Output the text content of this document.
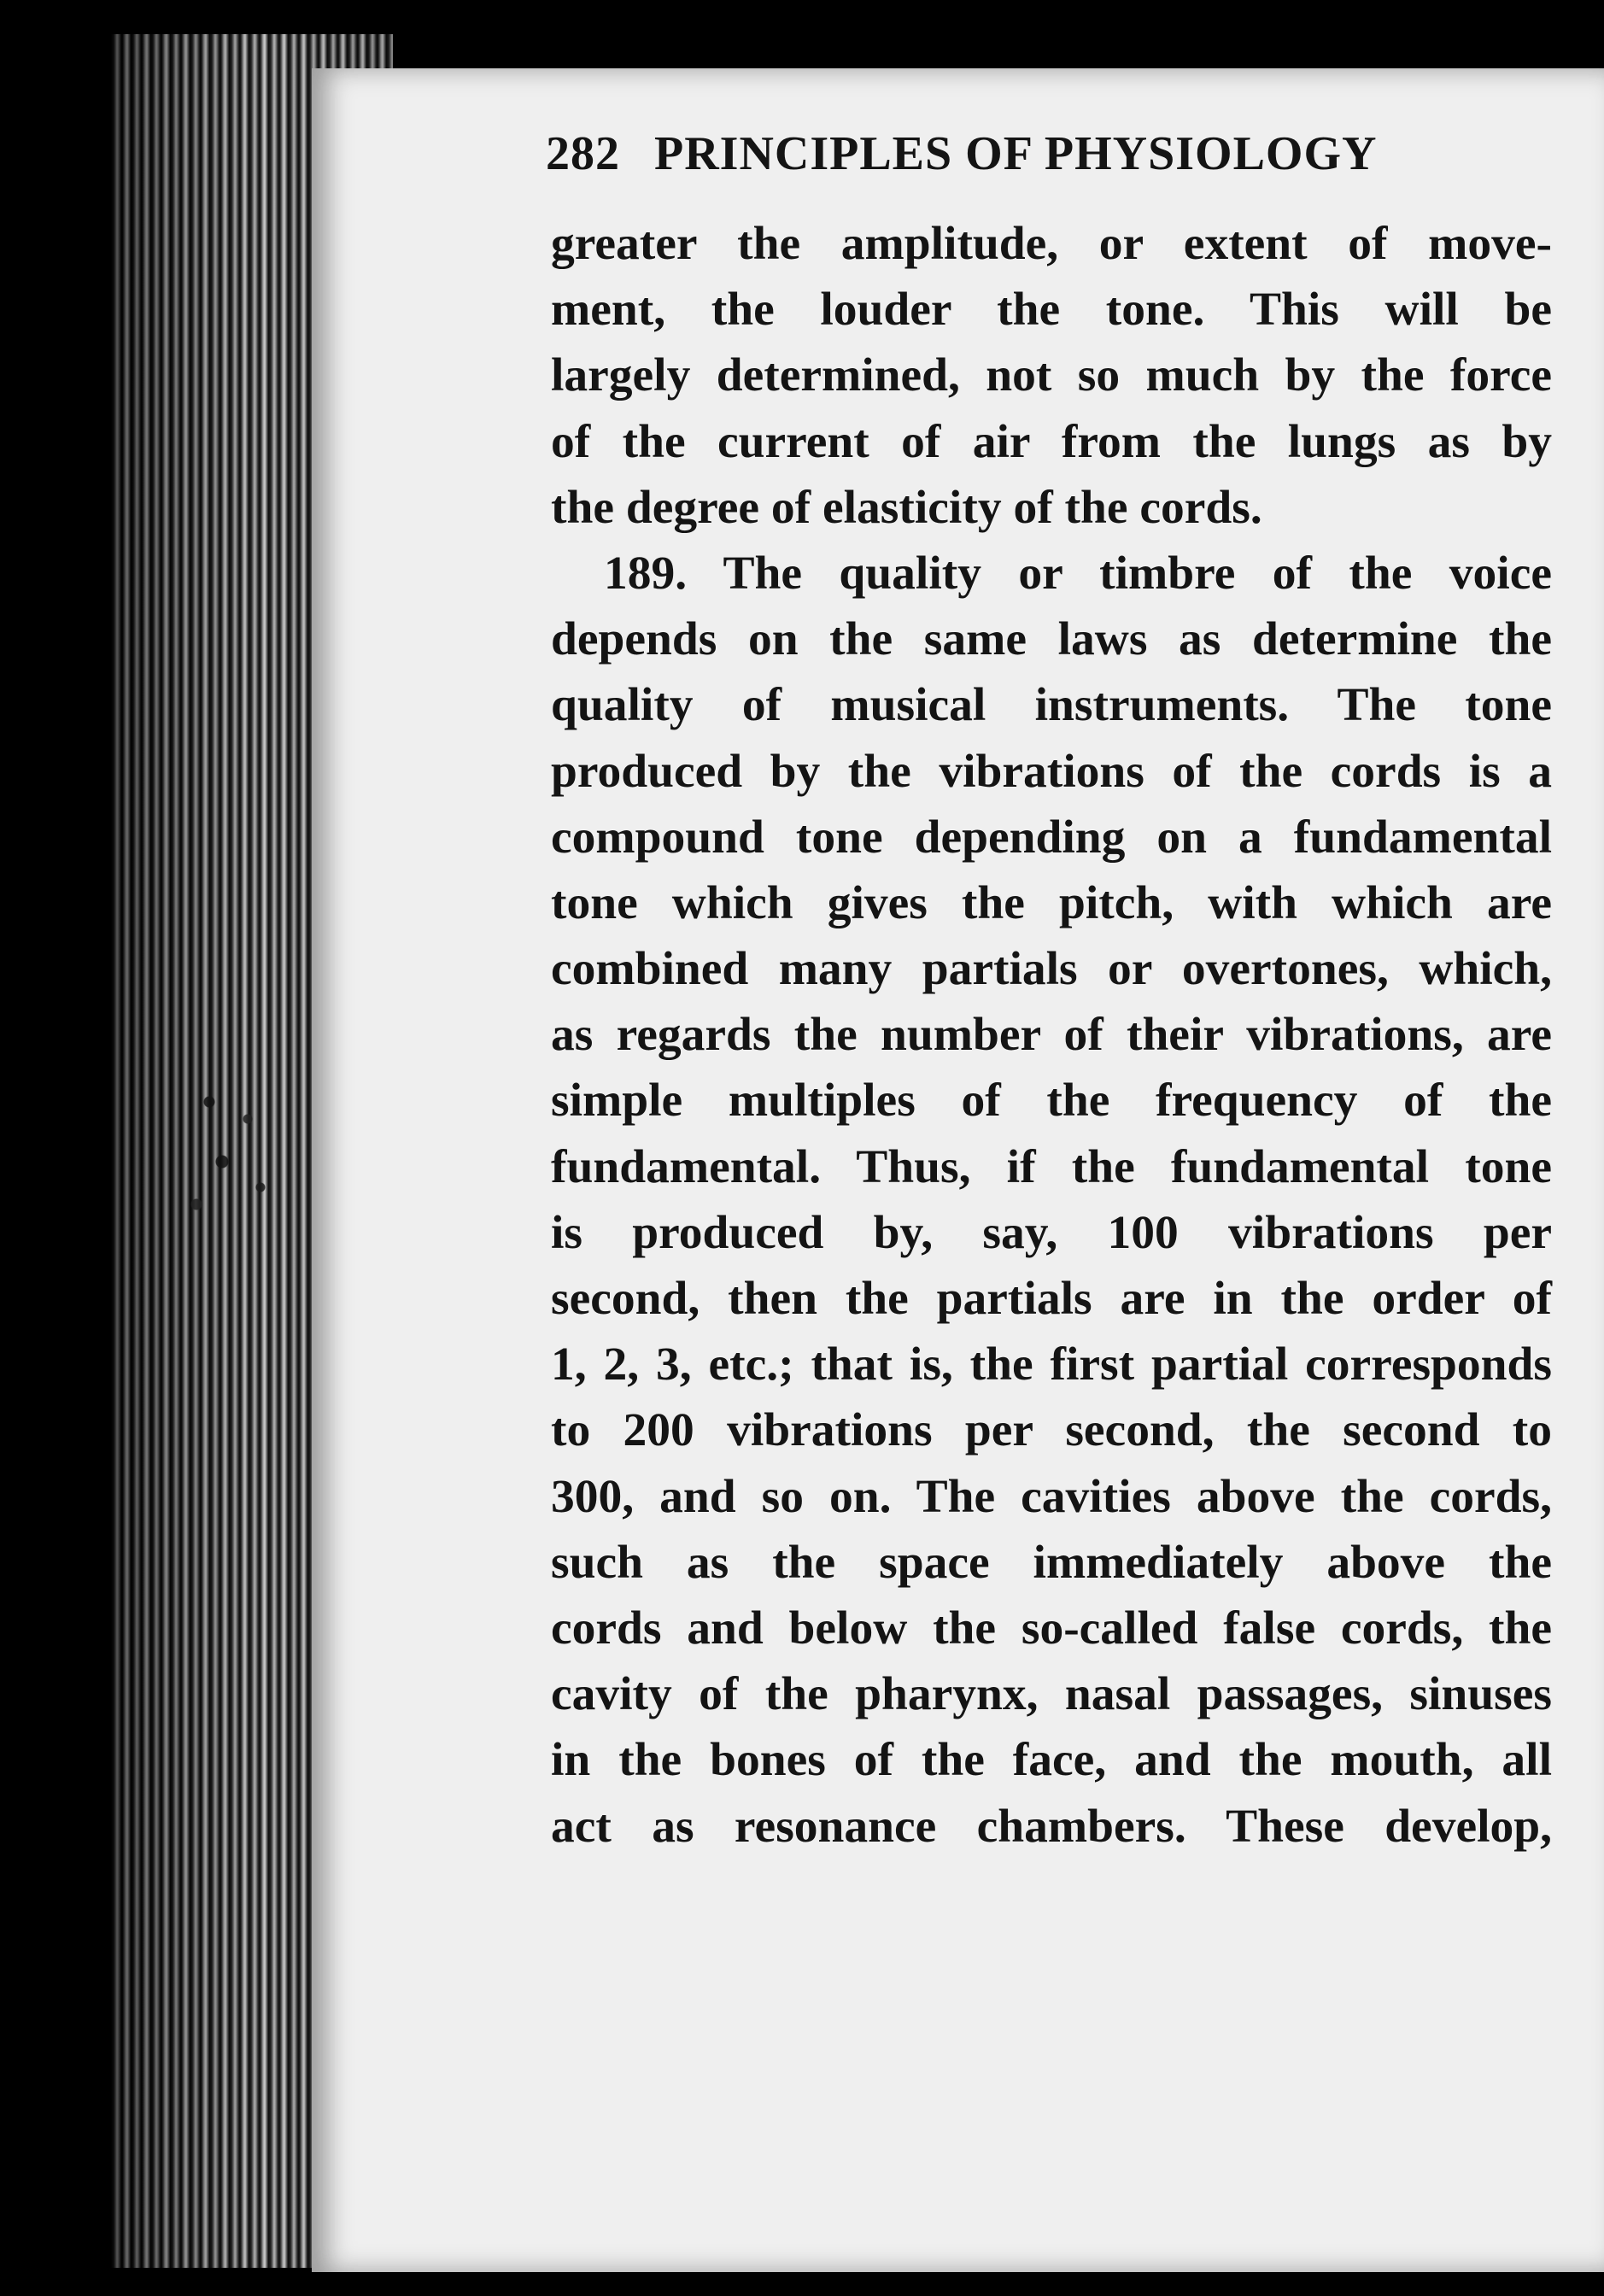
282 PRINCIPLES OF PHYSIOLOGY
greater the amplitude, or extent of move-
ment, the louder the tone. This will be
largely determined, not so much by the force
of the current of air from the lungs as by
the degree of elasticity of the cords.
189. The quality or timbre of the voice
depends on the same laws as determine the
quality of musical instruments. The tone
produced by the vibrations of the cords is a
compound tone depending on a fundamental
tone which gives the pitch, with which are
combined many partials or overtones, which,
as regards the number of their vibrations, are
simple multiples of the frequency of the
fundamental. Thus, if the fundamental tone
is produced by, say, 100 vibrations per
second, then the partials are in the order of
1, 2, 3, etc.; that is, the first partial corresponds
to 200 vibrations per second, the second to
300, and so on. The cavities above the cords,
such as the space immediately above the
cords and below the so-called false cords, the
cavity of the pharynx, nasal passages, sinuses
in the bones of the face, and the mouth, all
act as resonance chambers. These develop,
